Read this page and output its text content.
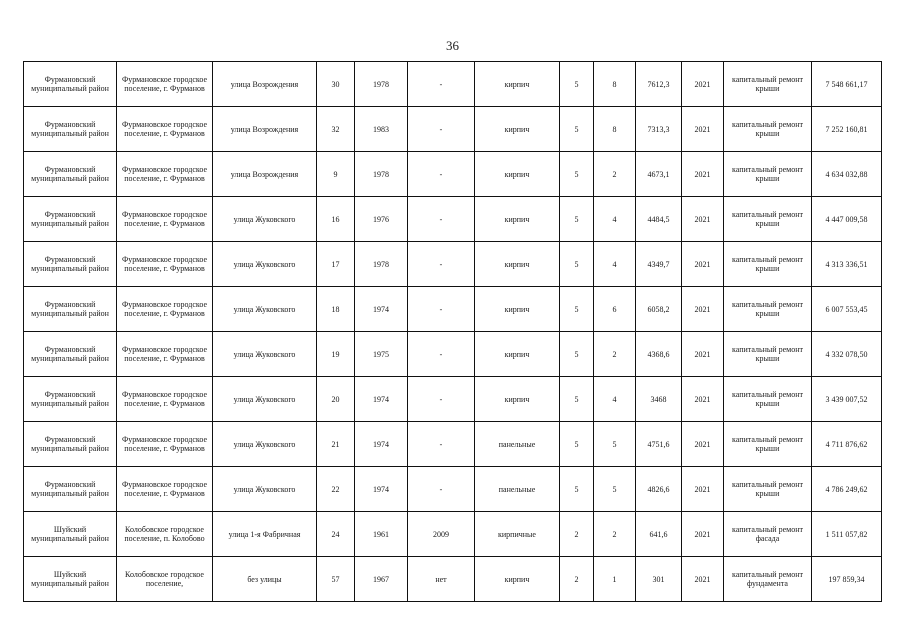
36
Фурмановский муниципальный район	Фурмановское городское поселение, г. Фурманов	улица Возрождения	30	1978	-	кирпич	5	8	7612,3	2021	капитальный ремонт крыши	7 548 661,17
Фурмановский муниципальный район	Фурмановское городское поселение, г. Фурманов	улица Возрождения	32	1983	-	кирпич	5	8	7313,3	2021	капитальный ремонт крыши	7 252 160,81
Фурмановский муниципальный район	Фурмановское городское поселение, г. Фурманов	улица Возрождения	9	1978	-	кирпич	5	2	4673,1	2021	капитальный ремонт крыши	4 634 032,88
Фурмановский муниципальный район	Фурмановское городское поселение, г. Фурманов	улица Жуковского	16	1976	-	кирпич	5	4	4484,5	2021	капитальный ремонт крыши	4 447 009,58
Фурмановский муниципальный район	Фурмановское городское поселение, г. Фурманов	улица Жуковского	17	1978	-	кирпич	5	4	4349,7	2021	капитальный ремонт крыши	4 313 336,51
Фурмановский муниципальный район	Фурмановское городское поселение, г. Фурманов	улица Жуковского	18	1974	-	кирпич	5	6	6058,2	2021	капитальный ремонт крыши	6 007 553,45
Фурмановский муниципальный район	Фурмановское городское поселение, г. Фурманов	улица Жуковского	19	1975	-	кирпич	5	2	4368,6	2021	капитальный ремонт крыши	4 332 078,50
Фурмановский муниципальный район	Фурмановское городское поселение, г. Фурманов	улица Жуковского	20	1974	-	кирпич	5	4	3468	2021	капитальный ремонт крыши	3 439 007,52
Фурмановский муниципальный район	Фурмановское городское поселение, г. Фурманов	улица Жуковского	21	1974	-	панельные	5	5	4751,6	2021	капитальный ремонт крыши	4 711 876,62
Фурмановский муниципальный район	Фурмановское городское поселение, г. Фурманов	улица Жуковского	22	1974	-	панельные	5	5	4826,6	2021	капитальный ремонт крыши	4 786 249,62
Шуйский муниципальный район	Колобовское городское поселение, п. Колобово	улица 1-я Фабричная	24	1961	2009	кирпичные	2	2	641,6	2021	капитальный ремонт фасада	1 511 057,82
Шуйский муниципальный район	Колобовское городское поселение,	без улицы	57	1967	нет	кирпич	2	1	301	2021	капитальный ремонт фундамента	197 859,34
